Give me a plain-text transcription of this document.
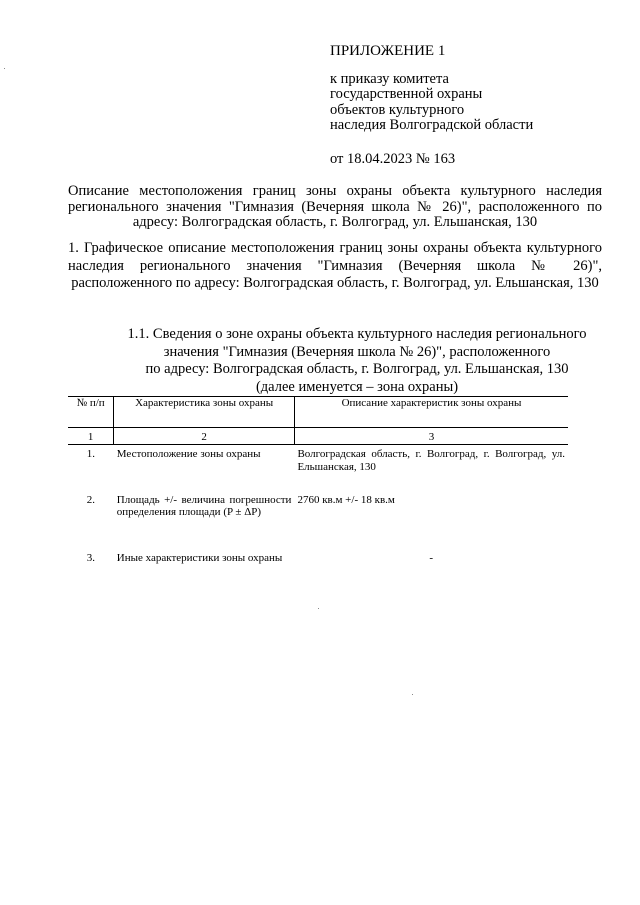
ПРИЛОЖЕНИЕ 1
к приказу комитета
государственной охраны
объектов культурного
наследия Волгоградской области
от 18.04.2023 № 163
Описание местоположения границ зоны охраны объекта культурного наследия регионального значения "Гимназия (Вечерняя школа № 26)", расположенного по адресу: Волгоградская область, г. Волгоград, ул. Ельшанская, 130
1. Графическое описание местоположения границ зоны охраны объекта культурного наследия регионального значения "Гимназия (Вечерняя школа № 26)", расположенного по адресу: Волгоградская область, г. Волгоград, ул. Ельшанская, 130
1.1. Сведения о зоне охраны объекта культурного наследия регионального
значения "Гимназия (Вечерняя школа № 26)", расположенного
по адресу: Волгоградская область, г. Волгоград, ул. Ельшанская, 130
(далее именуется – зона охраны)
№ п/п	Характеристика зоны охраны	Описание характеристик зоны охраны
1	2	3
1.	Местоположение зоны охраны	Волгоградская область, г. Волгоград, г. Волгоград, ул. Ельшанская, 130
2.	Площадь +/- величина погрешности определения площади (P ± ΔP)	2760 кв.м +/- 18 кв.м
3.	Иные характеристики зоны охраны	-
